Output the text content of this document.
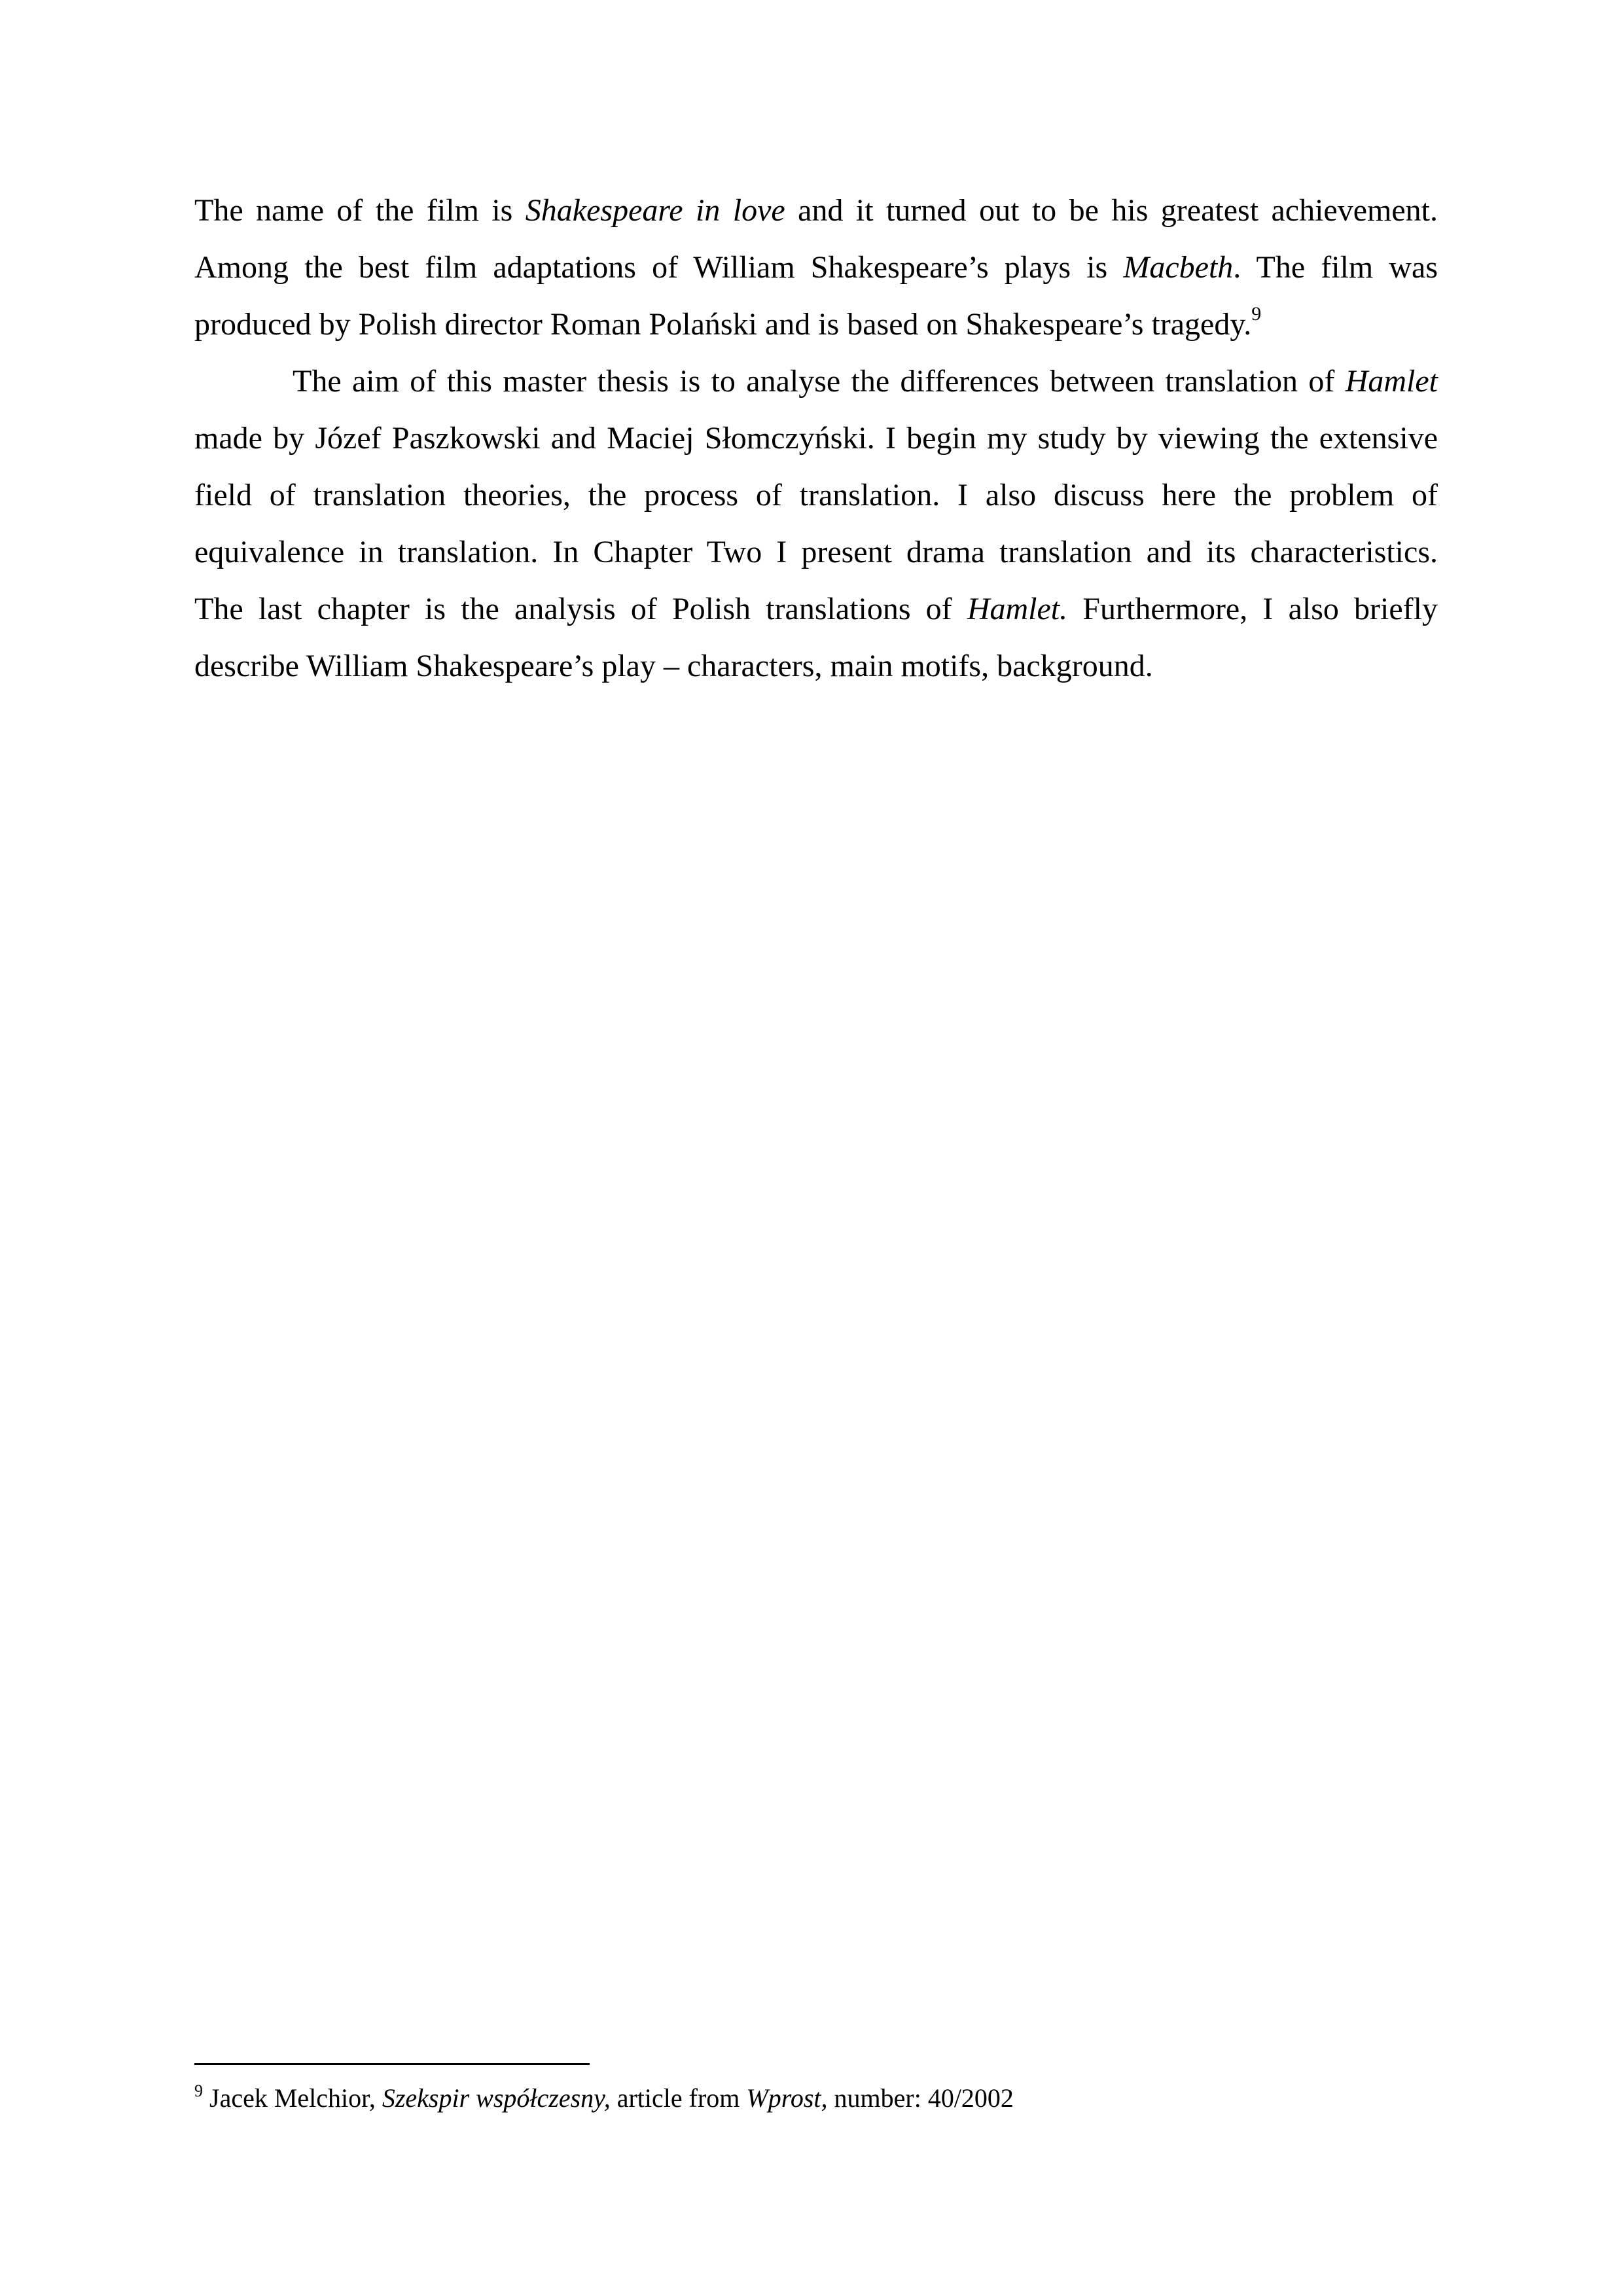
The name of the film is Shakespeare in love and it turned out to be his greatest achievement.
Among the best film adaptations of William Shakespeare’s plays is Macbeth. The film was
produced by Polish director Roman Polański and is based on Shakespeare’s tragedy.$^9$
The aim of this master thesis is to analyse the differences between translation of Hamlet
made by Józef Paszkowski and Maciej Słomczyński. I begin my study by viewing the extensive
field of translation theories, the process of translation. I also discuss here the problem of
equivalence in translation. In Chapter Two I present drama translation and its characteristics.
The last chapter is the analysis of Polish translations of Hamlet. Furthermore, I also briefly
describe William Shakespeare’s play – characters, main motifs, background.
$^9$ Jacek Melchior, Szekspir współczesny, article from Wprost, number: 40/2002
